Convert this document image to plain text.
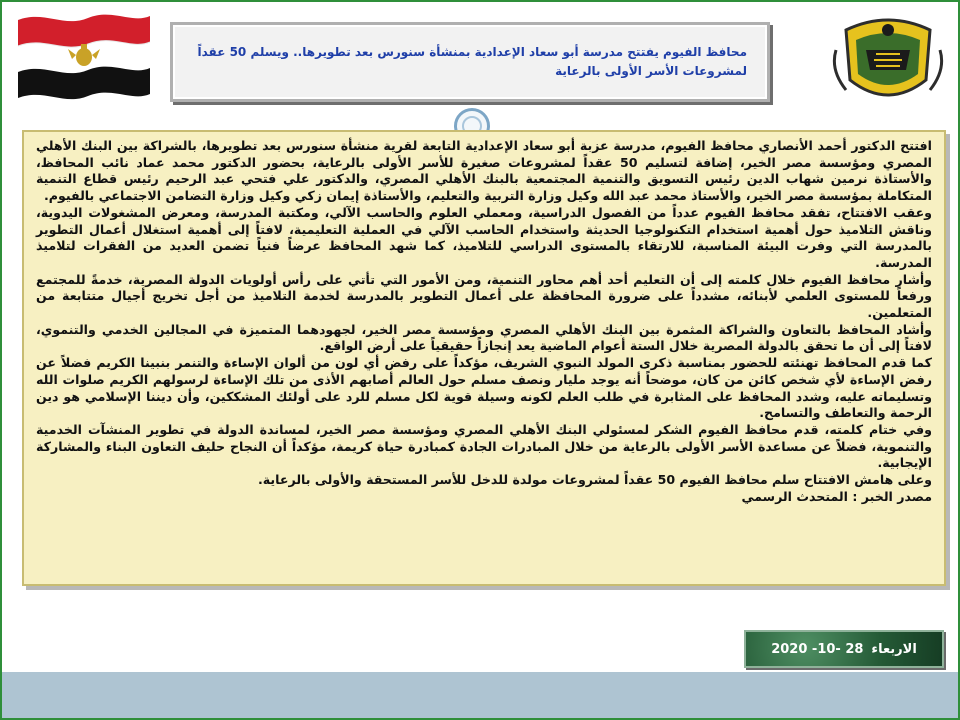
محافظ الفيوم يفتتح مدرسة أبو سعاد الإعدادية بمنشأة سنورس بعد تطويرها.. ويسلم 50 عقداً لمشروعات الأسر الأولى بالرعاية

افتتح الدكتور أحمد الأنصاري محافظ الفيوم، مدرسة عزبة أبو سعاد الإعدادية التابعة لقرية منشأة سنورس بعد تطويرها، بالشراكة بين البنك الأهلي المصري ومؤسسة مصر الخير، إضافة لتسليم 50 عقداً لمشروعات صغيرة للأسر الأولى بالرعاية، بحضور الدكتور محمد عماد نائب المحافظ، والأستاذة نرمين شهاب الدين رئيس التسويق والتنمية المجتمعية بالبنك الأهلي المصري، والدكتور علي فتحي عبد الرحيم رئيس قطاع التنمية المتكاملة بمؤسسة مصر الخير، والأستاذ محمد عبد الله وكيل وزارة التربية والتعليم، والأستاذة إيمان زكي وكيل وزارة التضامن الاجتماعي بالفيوم.

وعقب الافتتاح، تفقد محافظ الفيوم عدداً من الفصول الدراسية، ومعملي العلوم والحاسب الآلي، ومكتبة المدرسة، ومعرض المشغولات اليدوية، وناقش التلاميذ حول أهمية استخدام التكنولوجيا الحديثة واستخدام الحاسب الآلي في العملية التعليمية، لافتاً إلى أهمية استغلال أعمال التطوير بالمدرسة التي وفرت البيئة المناسبة، للارتقاء بالمستوى الدراسي للتلاميذ، كما شهد المحافظ عرضاً فنياً تضمن العديد من الفقرات لتلاميذ المدرسة.

وأشار محافظ الفيوم خلال كلمته إلى أن التعليم أحد أهم محاور التنمية، ومن الأمور التي تأتي على رأس أولويات الدولة المصرية، خدمةً للمجتمع ورفعاً للمستوى العلمي لأبنائه، مشدداً على ضرورة المحافظة على أعمال التطوير بالمدرسة لخدمة التلاميذ من أجل تخريج أجيال متتابعة من المتعلمين.

وأشاد المحافظ بالتعاون والشراكة المثمرة بين البنك الأهلي المصري ومؤسسة مصر الخير، لجهودهما المتميزة في المجالين الخدمي والتنموي، لافتاً إلى أن ما تحقق بالدولة المصرية خلال الستة أعوام الماضية يعد إنجازاً حقيقياً على أرض الواقع.

كما قدم المحافظ تهنئته للحضور بمناسبة ذكرى المولد النبوي الشريف، مؤكداً على رفض أي لون من ألوان الإساءة والتنمر بنبينا الكريم فضلاً عن رفض الإساءة لأي شخص كائن من كان، موضحاً أنه يوجد مليار ونصف مسلم حول العالم أصابهم الأذى من تلك الإساءة لرسولهم الكريم صلوات الله وتسليماته عليه، وشدد المحافظ على المثابرة في طلب العلم لكونه وسيلة قوية لكل مسلم للرد على أولئك المشككين، وأن ديننا الإسلامي هو دين الرحمة والتعاطف والتسامح.

وفي ختام كلمته، قدم محافظ الفيوم الشكر لمسئولي البنك الأهلي المصري ومؤسسة مصر الخير، لمساندة الدولة في تطوير المنشآت الخدمية والتنموية، فضلاً عن مساعدة الأسر الأولى بالرعاية من خلال المبادرات الجادة كمبادرة حياة كريمة، مؤكداً أن النجاح حليف التعاون البناء والمشاركة الإيجابية.

وعلى هامش الافتتاح سلم محافظ الفيوم 50 عقداً لمشروعات مولدة للدخل للأسر المستحقة والأولى بالرعاية.

مصدر الخبر : المتحدث الرسمي

الاربعاء
28 -10- 2020
